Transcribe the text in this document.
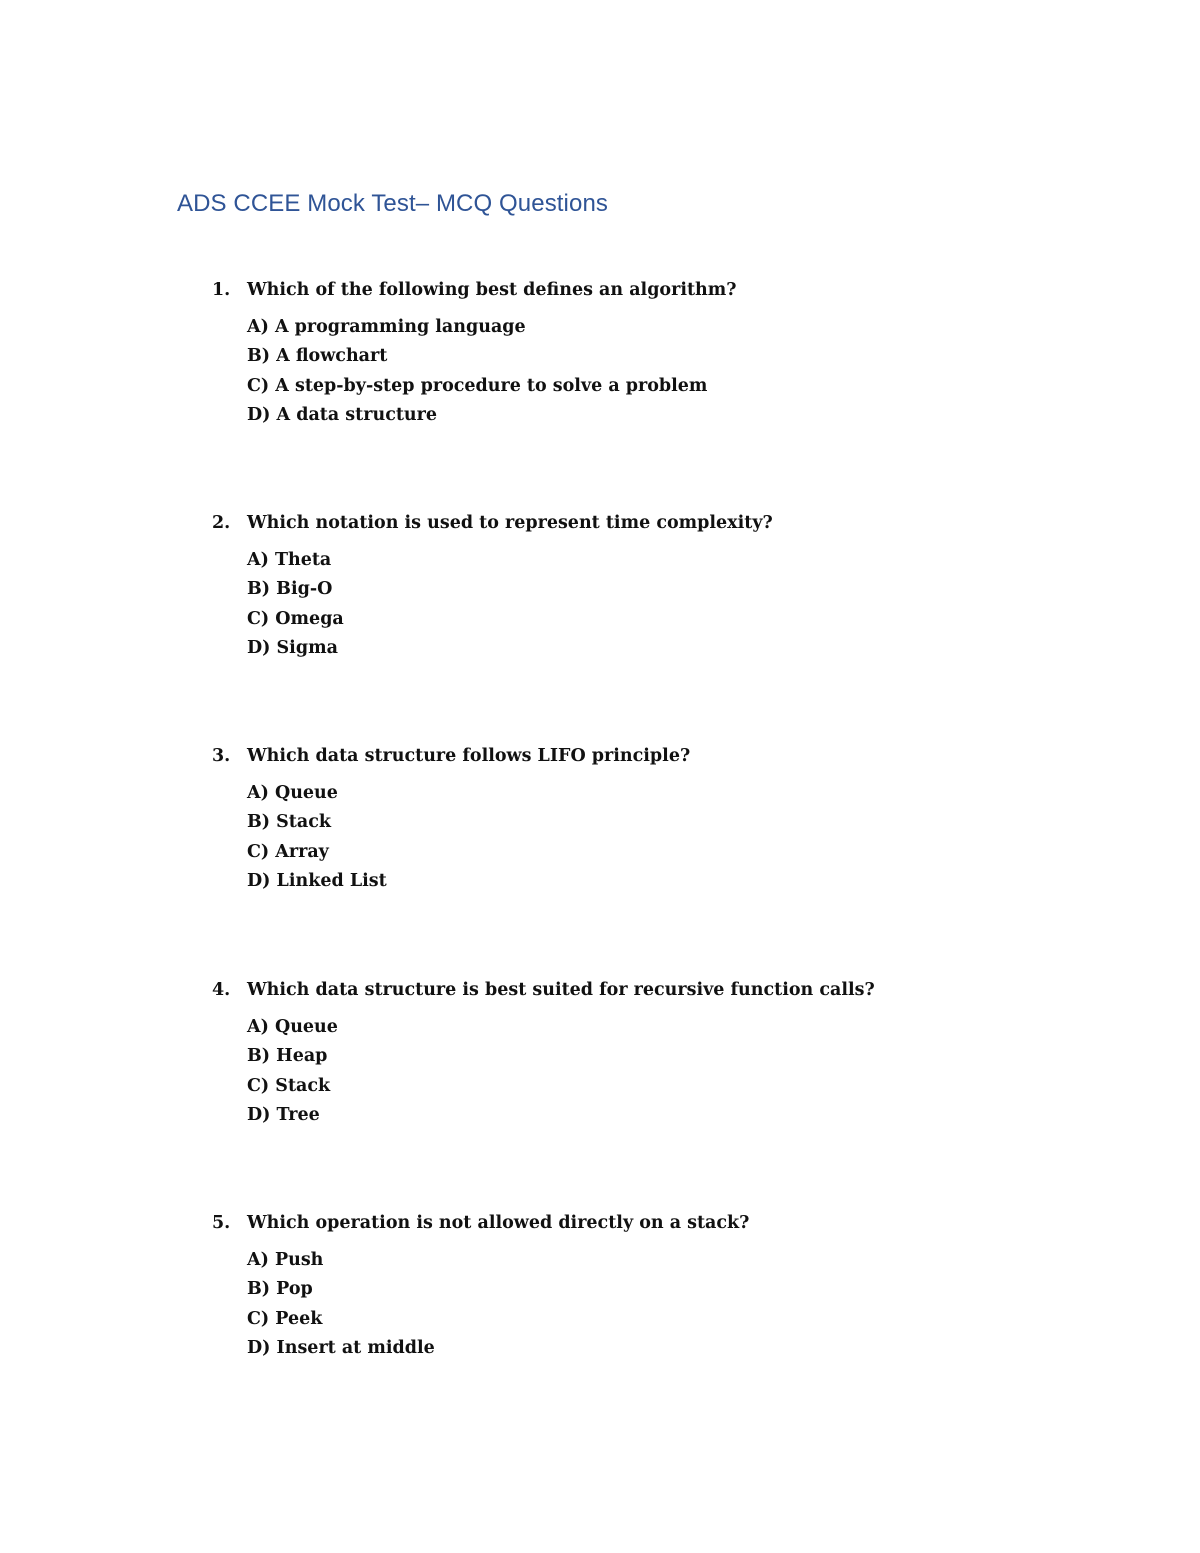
ADS CCEE Mock Test– MCQ Questions
1. Which of the following best defines an algorithm?
A) A programming language
B) A flowchart
C) A step-by-step procedure to solve a problem
D) A data structure
2. Which notation is used to represent time complexity?
A) Theta
B) Big-O
C) Omega
D) Sigma
3. Which data structure follows LIFO principle?
A) Queue
B) Stack
C) Array
D) Linked List
4. Which data structure is best suited for recursive function calls?
A) Queue
B) Heap
C) Stack
D) Tree
5. Which operation is not allowed directly on a stack?
A) Push
B) Pop
C) Peek
D) Insert at middle
